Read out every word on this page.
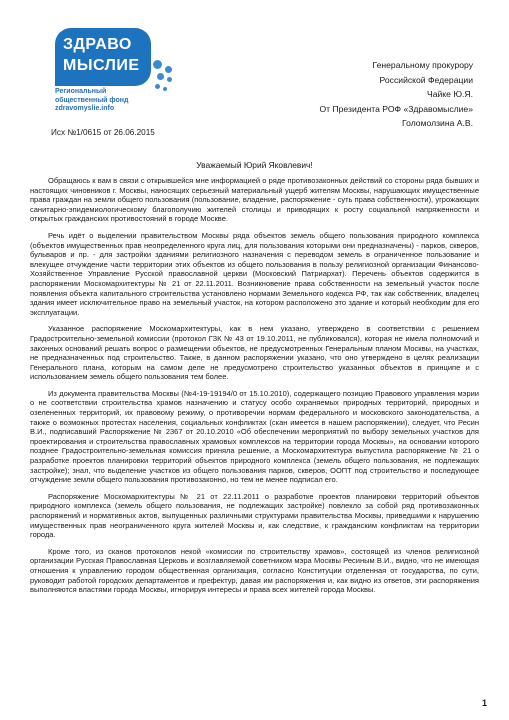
ЗДРАВО
МЫСЛИЕ
Региональный
общественный фонд
zdravomyslie.info
Генеральному прокурору
Российской Федерации
Чайке Ю.Я.
От Президента РОФ «Здравомыслие»
Голомолзина А.В.
Исх №1/0615 от 26.06.2015
Уважаемый Юрий Яковлевич!

Обращаюсь к вам в связи с открывшейся мне информацией о ряде противозаконных действий со стороны ряда бывших и настоящих чиновников г. Москвы, наносящих серьезный материальный ущерб жителям Москвы, нарушающих имущественные права граждан на земли общего пользования (пользование, владение, распоряжение - суть права собственности), угрожающих санитарно-эпидемиологическому благополучию жителей столицы и приводящих к росту социальной напряженности и открытых гражданских противостояний в городе Москве.

Речь идёт о выделении правительством Москвы ряда объектов земель общего пользования природного комплекса (объектов имущественных прав неопределенного круга лиц, для пользования которыми они предназначены) - парков, скверов, бульваров и пр. - для застройки зданиями религиозного назначения с переводом земель в ограниченное пользование и влекущее отчуждение части территории этих объектов из общего пользования в пользу религиозной организации Финансово-Хозяйственное Управление Русской православной церкви (Московский Патриархат). Перечень объектов содержится в распоряжении Москомархитектуры № 21 от 22.11.2011. Возникновение права собственности на земельный участок после появления объекта капитального строительства установлено нормами Земельного кодекса РФ, так как собственник, владелец здания имеет исключительное право на земельный участок, на котором расположено это здание и который необходим для его эксплуатации.

Указанное распоряжение Москомархитектуры, как в нем указано, утверждено в соответствии с решением Градостроительно-земельной комиссии (протокол ГЗК № 43 от 19.10.2011, не публиковался), которая не имела полномочий и законных оснований решать вопрос о размещении объектов, не предусмотренных Генеральным планом Москвы, на участках, не предназначенных под строительство. Также, в данном распоряжении указано, что оно утверждено в целях реализации Генерального плана, которым на самом деле не предусмотрено строительство указанных объектов в принципе и с использованием земель общего пользования тем более.

Из документа правительства Москвы (№4-19-19194/0 от 15.10.2010), содержащего позицию Правового управления мэрии о не соответствии строительства храмов назначению и статусу особо охраняемых природных территорий, природных и озелененных территорий, их правовому режиму, о противоречии нормам федерального и московского законодательства, а также о возможных протестах населения, социальных конфликтах (скан имеется в нашем распоряжении), следует, что Ресин В.И., подписавший Распоряжение № 2367 от 20.10.2010 «Об обеспечении мероприятий по выбору земельных участков для проектирования и строительства православных храмовых комплексов на территории города Москвы», на основании которого позднее Градостроительно-земельная комиссия приняла решение, а Москомархитектура выпустила распоряжение № 21 о разработке проектов планировки территорий объектов природного комплекса (земель общего пользования, не подлежащих застройке); знал, что выделение участков из общего пользования парков, скверов, ООПТ под строительство и последующее отчуждение земли общего пользования противозаконно, но тем не менее подписал его.

Распоряжение Москомархитектуры № 21 от 22.11.2011 о разработке проектов планировки территорий объектов природного комплекса (земель общего пользования, не подлежащих застройке) повлекло за собой ряд противозаконных распоряжений и нормативных актов, выпущенных различными структурами правительства Москвы, приведшими к нарушению имущественных прав неограниченного круга жителей Москвы и, как следствие, к гражданским конфликтам на территории города.

Кроме того, из сканов протоколов некой «комиссии по строительству храмов», состоящей из членов религиозной организации Русская Православная Церковь и возглавляемой советником мэра Москвы Ресиным В.И., видно, что не имеющая отношения к управлению городом общественная организация, согласно Конституции отделенная от государства, по сути, руководит работой городских департаментов и префектур, давая им распоряжения и, как видно из ответов, эти распоряжения выполняются властями города Москвы, игнорируя интересы и права всех жителей города Москвы.

1
